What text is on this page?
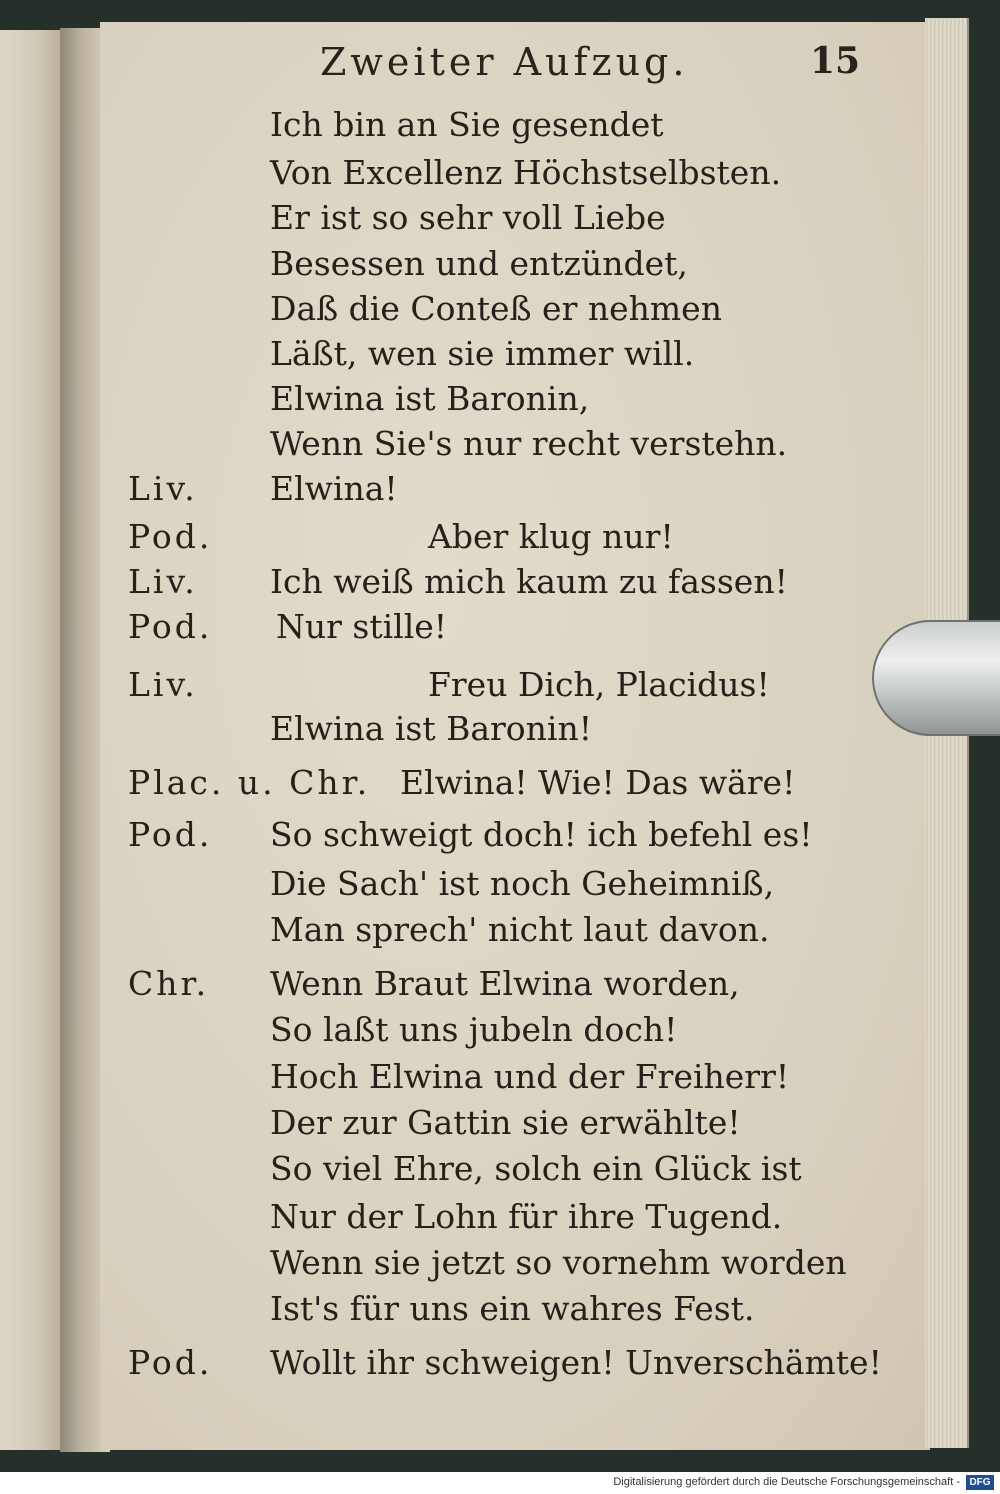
Zweiter Aufzug.	15
Ich bin an Sie gesendet
Von Excellenz Höchstselbsten.
Er ist so sehr voll Liebe
Besessen und entzündet,
Daß die Conteß er nehmen
Läßt, wen sie immer will.
Elwina ist Baronin,
Wenn Sie's nur recht verstehn.
Liv. Elwina!
Pod.	Aber klug nur!
Liv. Ich weiß mich kaum zu fassen!
Pod. Nur stille!
Liv.	Freu Dich, Placidus!
Elwina ist Baronin!
Plac. u. Chr. Elwina! Wie! Das wäre!
Pod. So schweigt doch! ich befehl es!
Die Sach' ist noch Geheimniß,
Man sprech' nicht laut davon.
Chr. Wenn Braut Elwina worden,
So laßt uns jubeln doch!
Hoch Elwina und der Freiherr!
Der zur Gattin sie erwählte!
So viel Ehre, solch ein Glück ist
Nur der Lohn für ihre Tugend.
Wenn sie jetzt so vornehm worden
Ist's für uns ein wahres Fest.
Pod. Wollt ihr schweigen! Unverschämte!
Digitalisierung gefördert durch die Deutsche Forschungsgemeinschaft - DFG
